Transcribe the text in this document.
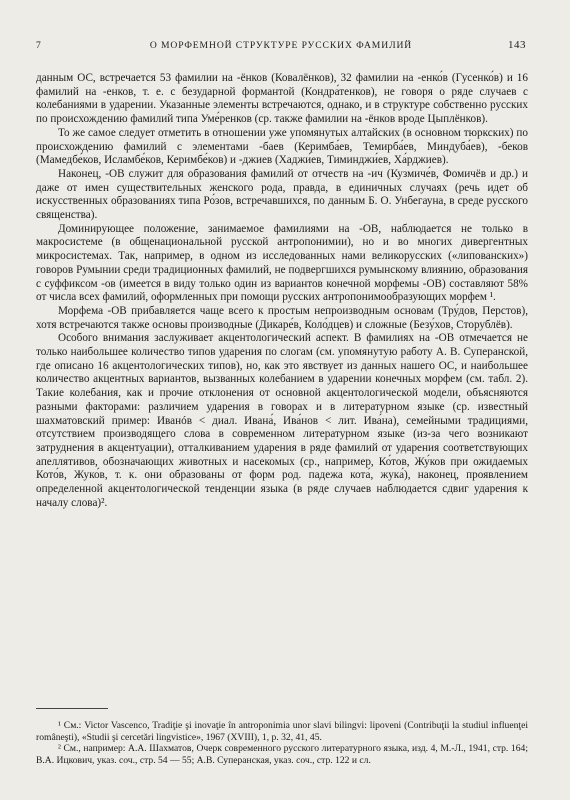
7	О МОРФЕМНОЙ СТРУКТУРЕ РУССКИХ ФАМИЛИЙ	143

данным ОС, встречается 53 фамилии на -ёнков (Ковалёнков), 32 фамилии на -енко́в (Гусенко́в) и 16 фамилий на -енков, т. е. с безударной формантой (Кондра́тенков), не говоря о ряде случаев с колебаниями в ударении. Указанные элементы встречаются, однако, и в структуре собственно русских по происхождению фамилий типа Уме́ренков (ср. также фамилии на -ёнков вроде Цыплёнков).

То же самое следует отметить в отношении уже упомянутых алтайских (в основном тюркских) по происхождению фамилий с элементами -баев (Керимба́ев, Темирба́ев, Миндуба́ев), -беков (Мамедбе́ков, Исламбе́ков, Керимбе́ков) и -джиев (Хаджи́ев, Тиминджи́ев, Ха́рджиев).

Наконец, -ОВ служит для образования фамилий от отчеств на -ич (Кузмиче́в, Фомичёв и др.) и даже от имен существительных женского рода, правда, в единичных случаях (речь идет об искусственных образованиях типа Ро́зов, встречавшихся, по данным Б. О. Унбегауна, в среде русского священства).

Доминирующее положение, занимаемое фамилиями на -ОВ, наблюдается не только в макросистеме (в общенациональной русской антропонимии), но и во многих дивергентных микросистемах. Так, например, в одном из исследованных нами великорусских («липованских») говоров Румынии среди традиционных фамилий, не подвергшихся румынскому влиянию, образования с суффиксом -ов (имеется в виду только один из вариантов конечной морфемы -ОВ) составляют 58% от числа всех фамилий, оформленных при помощи русских антропонимообразующих морфем ¹.

Морфема -ОВ прибавляется чаще всего к простым непроизводным основам (Тру́дов, Перстов), хотя встречаются также основы производные (Дикаре́в, Коло́дцев) и сложные (Безу́хов, Сторублёв).

Особого внимания заслуживает акцентологический аспект. В фамилиях на -ОВ отмечается не только наибольшее количество типов ударения по слогам (см. упомянутую работу А. В. Суперанской, где описано 16 акцентологических типов), но, как это явствует из данных нашего ОС, и наибольшее количество акцентных вариантов, вызванных колебанием в ударении конечных морфем (см. табл. 2). Такие колебания, как и прочие отклонения от основной акцентологической модели, объясняются разными факторами: различием ударения в говорах и в литературном языке (ср. известный шахматовский пример: Иванóв < диал. Ивана́, Ива́нов < лит. Ива́на), семейными традициями, отсутствием производящего слова в современном литературном языке (из-за чего возникают затруднения в акцентуации), отталкиванием ударения в ряде фамилий от ударения соответствующих апеллятивов, обозначающих животных и насекомых (ср., например, Ко́тов, Жу́ков при ожидаемых Кото́в, Жуко́в, т. к. они образованы от форм род. падежа кота́, жука́), наконец, проявлением определенной акцентологической тенденции языка (в ряде случаев наблюдается сдвиг ударения к началу слова)².

¹ См.: Victor Vascenco, Tradiţie şi inovaţie în antroponimia unor slavi bilingvi: lipoveni (Contribuţii la studiul influenţei româneşti), «Studii şi cercetări lingvistice», 1967 (XVIII), 1, p. 32, 41, 45.

² См., например: А.А. Шахматов, Очерк современного русского литературного языка, изд. 4, М.-Л., 1941, стр. 164; В.А. Ицкович, указ. соч., стр. 54 — 55; А.В. Суперанская, указ. соч., стр. 122 и сл.
